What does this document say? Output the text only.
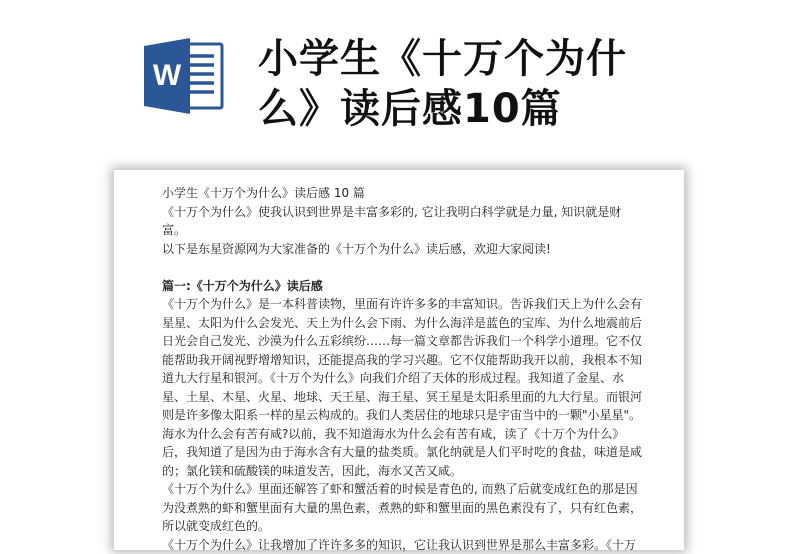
W 小学生《十万个为什
么》读后感10篇

小学生《十万个为什么》读后感 10 篇

《十万个为什么》使我认识到世界是丰富多彩的, 它让我明白科学就是力量, 知识就是财富。

以下是东星资源网为大家准备的《十万个为什么》读后感，欢迎大家阅读!

篇一:《十万个为什么》读后感

《十万个为什么》是一本科普读物，里面有许许多多的丰富知识。告诉我们天上为什么会有星星、太阳为什么会发光、天上为什么会下雨、为什么海洋是蓝色的宝库、为什么地震前后日光会自己发光、沙漠为什么五彩缤纷……每一篇文章都告诉我们一个科学小道理。它不仅能帮助我开阔视野增增知识，还能提高我的学习兴趣。它不仅能帮助我开以前，我根本不知道九大行星和银河。《十万个为什么》向我们介绍了天体的形成过程。我知道了金星、水星、土星、木星、火星、地球、天王星、海王星、冥王星是太阳系里面的九大行星。而银河则是许多像太阳系一样的星云构成的。我们人类居住的地球只是宇宙当中的一颗"小星星"。

海水为什么会有苦有咸?以前，我不知道海水为什么会有苦有咸，读了《十万个为什么》后，我知道了是因为由于海水含有大量的盐类质。氯化纳就是人们平时吃的食盐，味道是咸的；氯化镁和硫酸镁的味道发苦，因此，海水又苦又咸。

《十万个为什么》里面还解答了虾和蟹活着的时候是青色的, 而熟了后就变成红色的那是因为没煮熟的虾和蟹里面有大量的黑色素，煮熟的虾和蟹里面的黑色素没有了，只有红色素，所以就变成红色的。

《十万个为什么》让我增加了许许多多的知识，它让我认识到世界是那么丰富多彩。《十万
